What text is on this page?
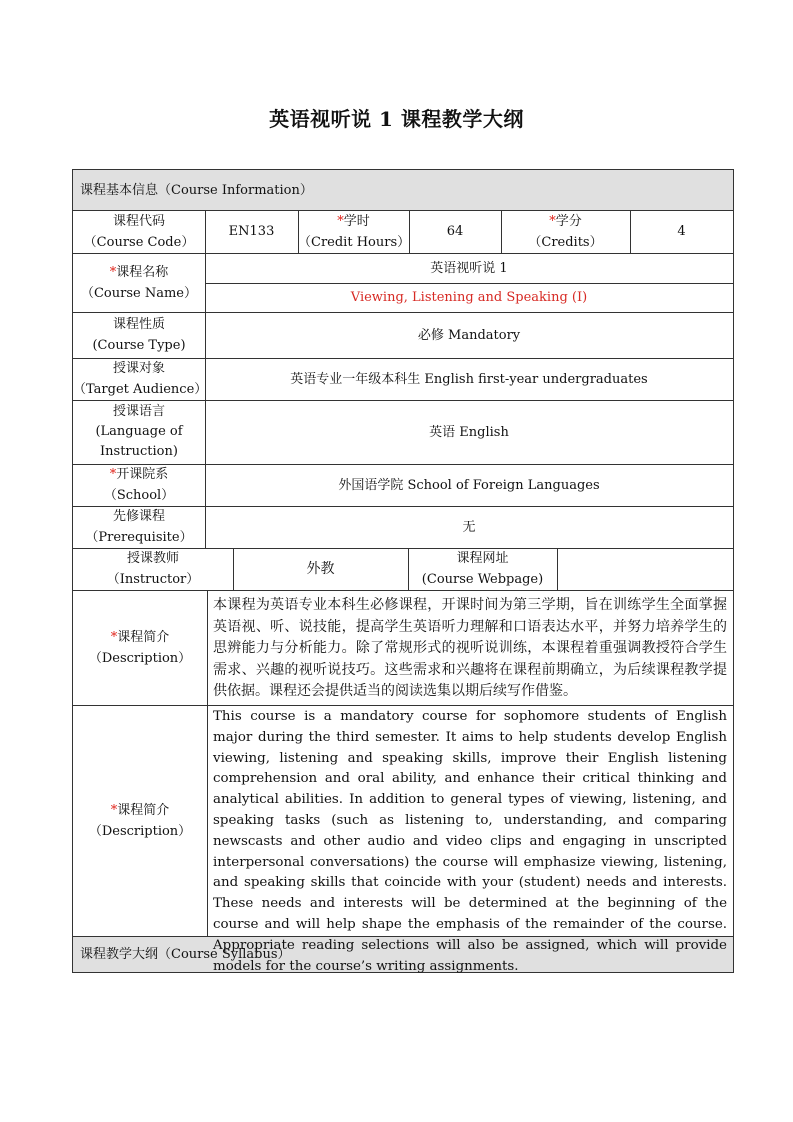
英语视听说 1 课程教学大纲
课程基本信息（Course Information）
课程代码
（Course Code）
EN133
*学时
（Credit Hours）
64
*学分
（Credits）
4
*课程名称
（Course Name）
英语视听说 1
Viewing, Listening and Speaking (I)
课程性质
(Course Type)
必修 Mandatory
授课对象
（Target Audience）
英语专业一年级本科生 English first-year undergraduates
授课语言
(Language of
Instruction)
英语 English
*开课院系
（School）
外国语学院 School of Foreign Languages
先修课程
（Prerequisite）
无
授课教师
（Instructor）
外教
课程网址
(Course Webpage)
*课程简介
（Description）
本课程为英语专业本科生必修课程，开课时间为第三学期，旨在训练学生全面掌握英语视、听、说技能，提高学生英语听力理解和口语表达水平，并努力培养学生的思辨能力与分析能力。除了常规形式的视听说训练，本课程着重强调教授符合学生需求、兴趣的视听说技巧。这些需求和兴趣将在课程前期确立，为后续课程教学提供依据。课程还会提供适当的阅读选集以期后续写作借鉴。
*课程简介
（Description）
This course is a mandatory course for sophomore students of English major during the third semester. It aims to help students develop English viewing, listening and speaking skills, improve their English listening comprehension and oral ability, and enhance their critical thinking and analytical abilities. In addition to general types of viewing, listening, and speaking tasks (such as listening to, understanding, and comparing newscasts and other audio and video clips and engaging in unscripted interpersonal conversations) the course will emphasize viewing, listening, and speaking skills that coincide with your (student) needs and interests. These needs and interests will be determined at the beginning of the course and will help shape the emphasis of the remainder of the course. Appropriate reading selections will also be assigned, which will provide models for the course’s writing assignments.
课程教学大纲（Course Syllabus）
